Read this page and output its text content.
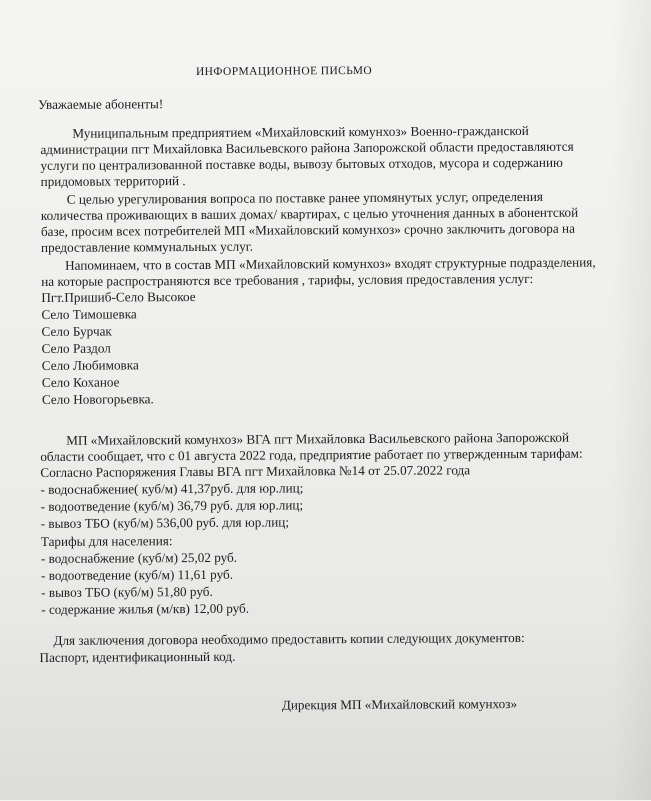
ИНФОРМАЦИОННОЕ ПИСЬМО
Уважаемые абоненты!
Муниципальным предприятием «Михайловский комунхоз» Военно-гражданской
администрации пгт Михайловка Васильевского района Запорожской области предоставляются
услуги по централизованной поставке воды, вывозу бытовых отходов, мусора и содержанию
придомовых территорий .
С целью урегулирования вопроса по поставке ранее упомянутых услуг, определения
количества проживающих в ваших домах/ квартирах, с целью уточнения данных в абонентской
базе, просим всех потребителей МП «Михайловский комунхоз» срочно заключить договора на
предоставление коммунальных услуг.
Напоминаем, что в состав МП «Михайловский комунхоз» входят структурные подразделения,
на которые распространяются все требования , тарифы, условия предоставления услуг:
Пгт.Пришиб-Село Высокое
Село Тимошевка
Село Бурчак
Село Раздол
Село Любимовка
Село Коханое
Село Новогорьевка.
МП «Михайловский комунхоз» ВГА пгт Михайловка Васильевского района Запорожской
области сообщает, что с 01 августа 2022 года, предприятие работает по утвержденным тарифам:
Согласно Распоряжения Главы ВГА пгт Михайловка №14 от 25.07.2022 года
- водоснабжение( куб/м) 41,37руб. для юр.лиц;
- водоотведение (куб/м) 36,79 руб. для юр.лиц;
- вывоз ТБО (куб/м) 536,00 руб. для юр.лиц;
Тарифы для населения:
- водоснабжение (куб/м) 25,02 руб.
- водоотведение (куб/м) 11,61 руб.
- вывоз ТБО (куб/м) 51,80 руб.
- содержание жилья (м/кв) 12,00 руб.
Для заключения договора необходимо предоставить копии следующих документов:
Паспорт, идентификационный код.
Дирекция МП «Михайловский комунхоз»
